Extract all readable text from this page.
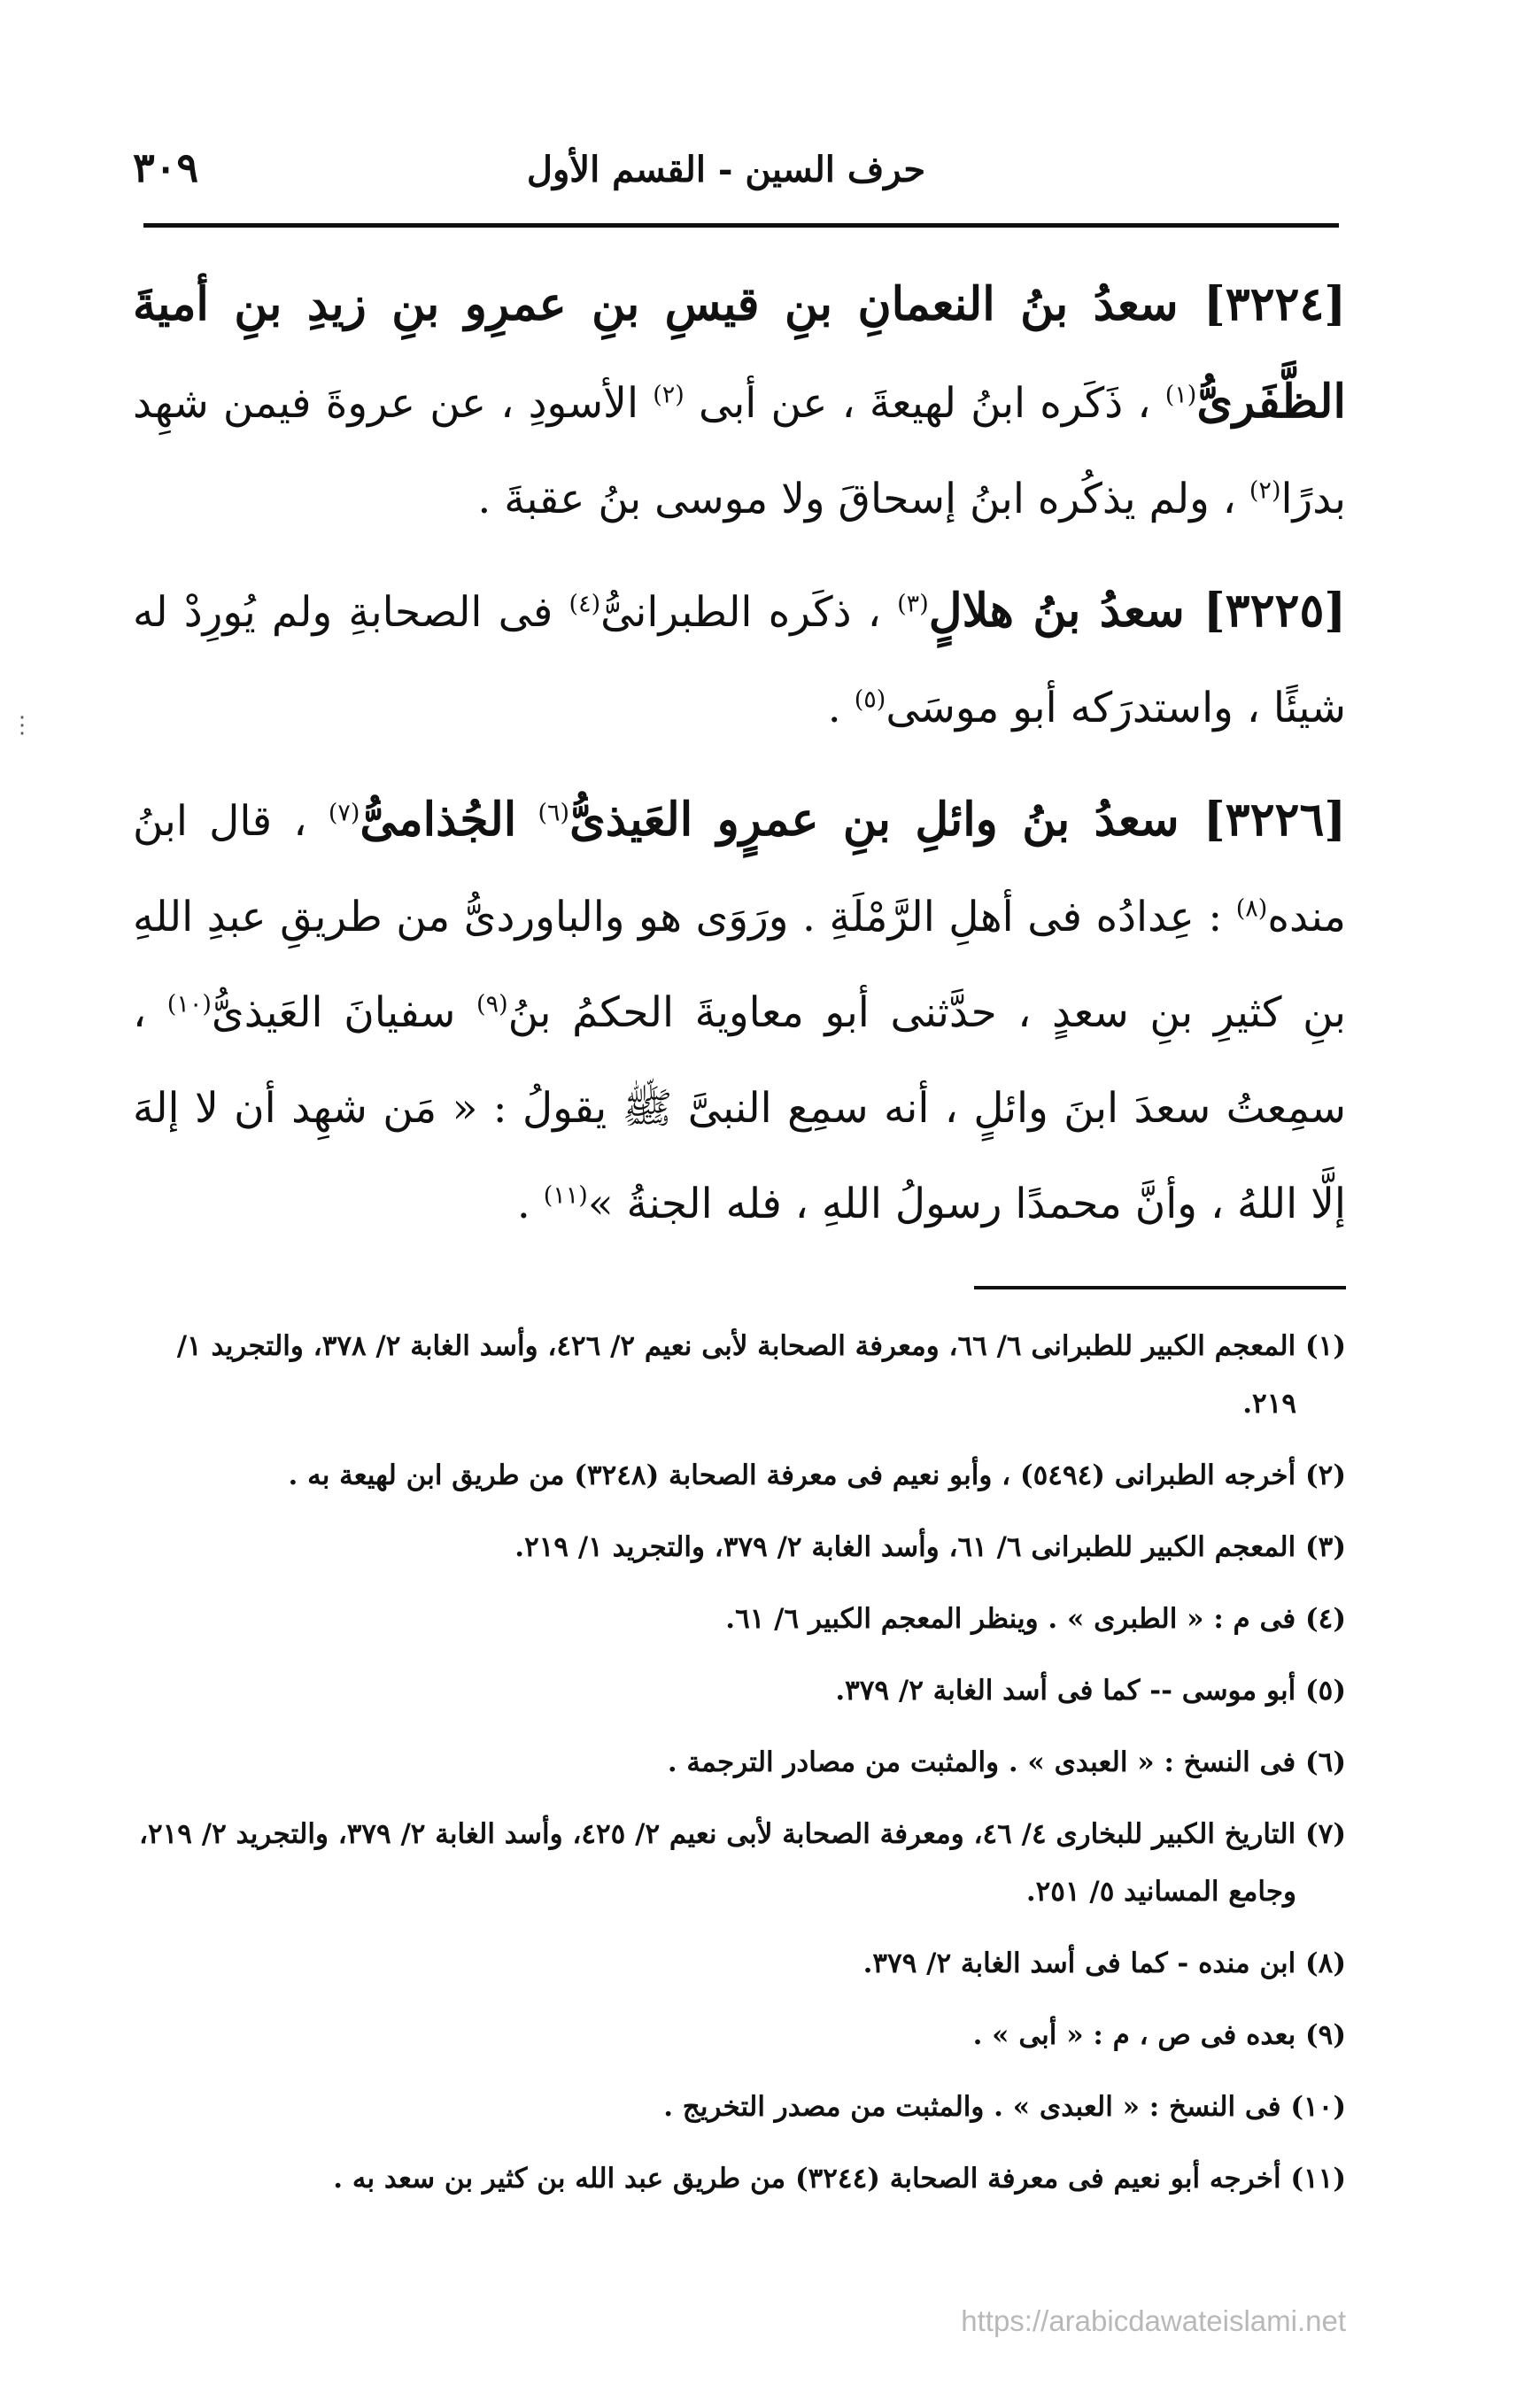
حرف السين - القسم الأول
٣٠٩

[٣٢٢٤] سعدُ بنُ النعمانِ بنِ قيسِ بنِ عمرِو بنِ زيدِ بنِ أميةَ الظَّفَرىُّ$^{(١)}$ ، ذَكَره ابنُ لهيعةَ ، عن أبى $^{(٢)}$ الأسودِ ، عن عروةَ فيمن شهِد بدرًا$^{(٢)}$ ، ولم يذكُره ابنُ إسحاقَ ولا موسى بنُ عقبةَ .

[٣٢٢٥] سعدُ بنُ هلالٍ$^{(٣)}$ ، ذكَره الطبرانىُّ$^{(٤)}$ فى الصحابةِ ولم يُورِدْ له شيئًا ، واستدرَكه أبو موسَى$^{(٥)}$ .

[٣٢٢٦] سعدُ بنُ وائلِ بنِ عمرٍو العَيذىُّ$^{(٦)}$ الجُذامىُّ$^{(٧)}$ ، قال ابنُ منده$^{(٨)}$ : عِدادُه فى أهلِ الرَّمْلَةِ . ورَوَى هو والباوردىُّ من طريقِ عبدِ اللهِ بنِ كثيرِ بنِ سعدٍ ، حدَّثنى أبو معاويةَ الحكمُ بنُ$^{(٩)}$ سفيانَ العَيذىُّ$^{(١٠)}$ ، سمِعتُ سعدَ ابنَ وائلٍ ، أنه سمِع النبىَّ ﷺ يقولُ : « مَن شهِد أن لا إلهَ إلَّا اللهُ ، وأنَّ محمدًا رسولُ اللهِ ، فله الجنةُ »$^{(١١)}$ .

(١) المعجم الكبير للطبرانى ٦/ ٦٦، ومعرفة الصحابة لأبى نعيم ٢/ ٤٢٦، وأسد الغابة ٢/ ٣٧٨، والتجريد ١/ ٢١٩.
(٢) أخرجه الطبرانى (٥٤٩٤) ، وأبو نعيم فى معرفة الصحابة (٣٢٤٨) من طريق ابن لهيعة به .
(٣) المعجم الكبير للطبرانى ٦/ ٦١، وأسد الغابة ٢/ ٣٧٩، والتجريد ١/ ٢١٩.
(٤) فى م : « الطبرى » . وينظر المعجم الكبير ٦/ ٦١.
(٥) أبو موسى -- كما فى أسد الغابة ٢/ ٣٧٩.
(٦) فى النسخ : « العبدى » . والمثبت من مصادر الترجمة .
(٧) التاريخ الكبير للبخارى ٤/ ٤٦، ومعرفة الصحابة لأبى نعيم ٢/ ٤٢٥، وأسد الغابة ٢/ ٣٧٩، والتجريد ٢/ ٢١٩، وجامع المسانيد ٥/ ٢٥١.
(٨) ابن منده - كما فى أسد الغابة ٢/ ٣٧٩.
(٩) بعده فى ص ، م : « أبى » .
(١٠) فى النسخ : « العبدى » . والمثبت من مصدر التخريج .
(١١) أخرجه أبو نعيم فى معرفة الصحابة (٣٢٤٤) من طريق عبد الله بن كثير بن سعد به .
⋮
https://arabicdawateislami.net
